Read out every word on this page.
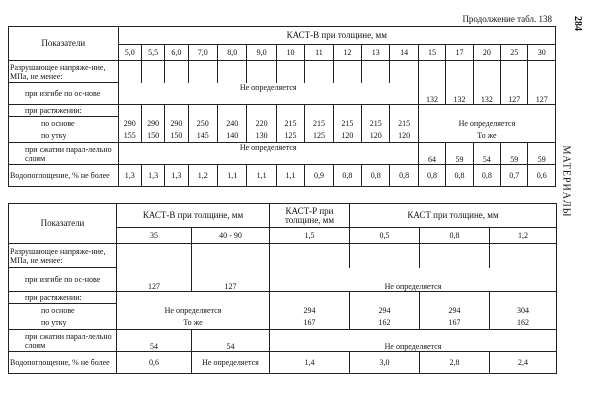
Продолжение табл. 138 284
МАТЕРИАЛЫ
Показатели	КАСТ-В при толщине, мм															
	5,0	5,5	6,0	7,0	8,0	9,0	10	11	12	13	14	15	17	20	25	30
Разрушающее напряже-ние, МПа, не менее:																
при изгибе по ос-нове	Не определяется											132	132	132	127	127
при растяжении:																
по основе	290	290	290	250	240	220	215	215	215	215	215	Не определяется				
по утку	155	150	150	145	140	130	125	125	120	120	120	То же				
при сжатии парал-лельно слоям	Не определяется											64	59	54	59	59
Водопоглощение, % не более	1,3	1,3	1,3	1,2	1,1	1,1	1,1	0,9	0,8	0,8	0,8	0,8	0,8	0,8	0,7	0,6
Показатели	КАСТ-В при толщине, мм		КАСТ-Р при толщине, мм	КАСТ при толщине, мм		
	35	40 - 90	1,5	0,5	0,8	1,2
Разрушающее напряже-ние, МПа, не менее:						
при изгибе по ос-нове	127	127	Не определяется			
при растяжении:						
по основе	Не определяется		294	294	294	304
по утку	То же		167	162	167	162
при сжатии парал-лельно слоям	54	54	Не определяется			
Водопоглощение, % не более	0,6	Не определяется	1,4	3,0	2,8	2,4
